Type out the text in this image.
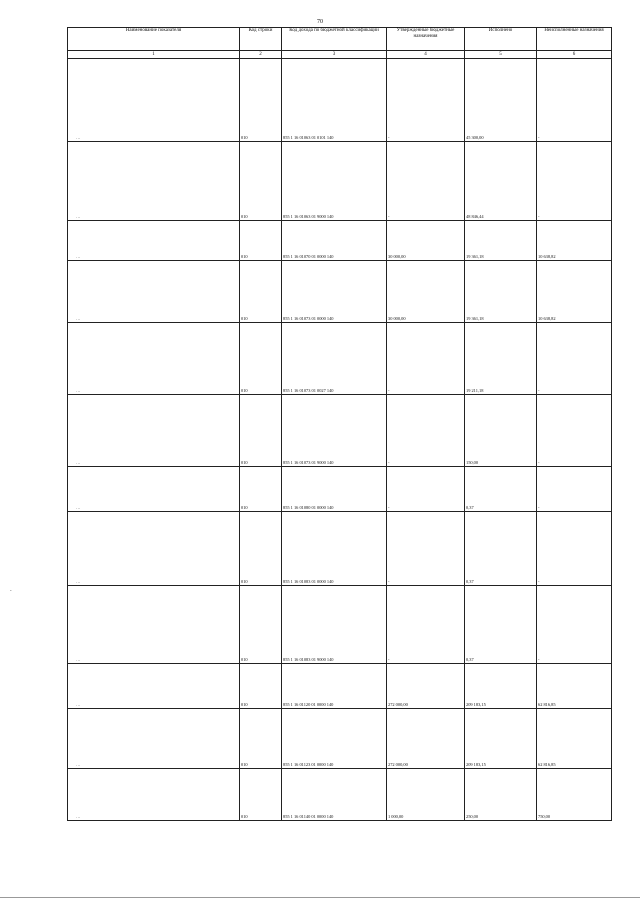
70
.
Наименование показателя	Код строки	Код дохода по бюджетной классификации	Утвержденные бюджетные назначения	Исполнено	Неисполненные назначения
1	2	3	4	5	6

…	010	855 1 16 01063 01 0101 140	-	45 300,00	-

…	010	855 1 16 01063 01 9000 140	-	48 846,44	-

…	010	855 1 16 01070 01 0000 140	30 000,00	19 361,18	10 638,82

…	010	855 1 16 01073 01 0000 140	30 000,00	19 361,18	10 638,82

…	010	855 1 16 01073 01 0027 140	-	19 211,18	-

…	010	855 1 16 01073 01 9000 140	-	150,00	-

…	010	855 1 16 01080 01 0000 140	-	0,37	-

…	010	855 1 16 01083 01 0000 140	-	0,37	-

…	010	855 1 16 01083 01 9000 140	-	0,37	-

…	010	855 1 16 01120 01 0000 140	272 000,00	209 183,15	62 816,85

…	010	855 1 16 01123 01 0000 140	272 000,00	209 183,15	62 816,85

…	010	855 1 16 01140 01 0000 140	1 000,00	250,00	750,00
